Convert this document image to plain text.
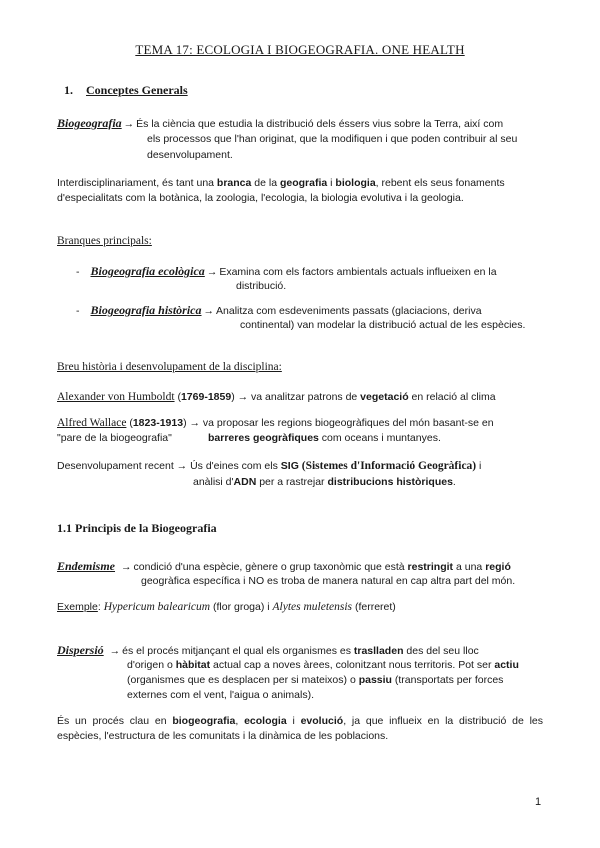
TEMA 17: ECOLOGIA I BIOGEOGRAFIA. ONE HEALTH
1. Conceptes Generals
Biogeografia → És la ciència que estudia la distribució dels éssers vius sobre la Terra, així com
els processos que l'han originat, que la modifiquen i que poden contribuir al seu
desenvolupament.
Interdisciplinariament, és tant una branca de la geografia i biologia, rebent els seus fonaments
d'especialitats com la botànica, la zoologia, l'ecologia, la biologia evolutiva i la geologia.
Branques principals:
- Biogeografia ecològica → Examina com els factors ambientals actuals influeixen en la
distribució.
- Biogeografia històrica → Analitza com esdeveniments passats (glaciacions, deriva
continental) van modelar la distribució actual de les espècies.
Breu història i desenvolupament de la disciplina:
Alexander von Humboldt (1769-1859) → va analitzar patrons de vegetació en relació al clima
Alfred Wallace (1823-1913) → va proposar les regions biogeogràfiques del món basant-se en
"pare de la biogeografia"	barreres geogràfiques com oceans i muntanyes.
Desenvolupament recent → Ús d'eines com els SIG (Sistemes d'Informació Geogràfica) i
anàlisi d'ADN per a rastrejar distribucions històriques.
1.1 Principis de la Biogeografia
Endemisme → condició d'una espècie, gènere o grup taxonòmic que està restringit a una regió
geogràfica específica i NO es troba de manera natural en cap altra part del món.
Exemple: Hypericum balearicum (flor groga) i Alytes muletensis (ferreret)
Dispersió → és el procés mitjançant el qual els organismes es traslladen des del seu lloc
d'origen o hàbitat actual cap a noves àrees, colonitzant nous territoris. Pot ser actiu
(organismes que es desplacen per si mateixos) o passiu (transportats per forces
externes com el vent, l'aigua o animals).
És un procés clau en biogeografia, ecologia i evolució, ja que influeix en la distribució de les espècies, l'estructura de les comunitats i la dinàmica de les poblacions.
1
